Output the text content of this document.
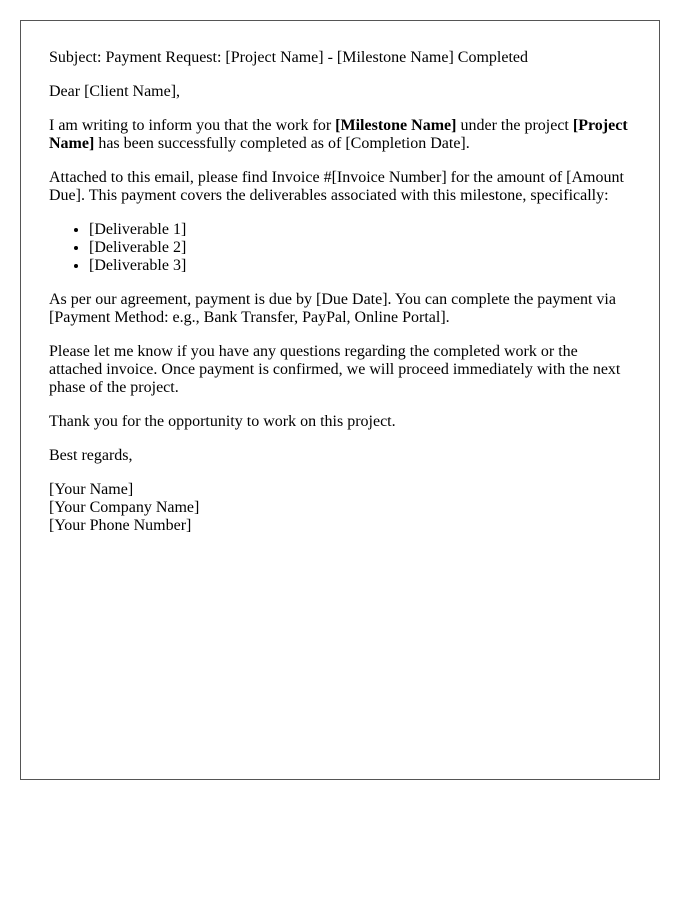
Subject: Payment Request: [Project Name] - [Milestone Name] Completed

Dear [Client Name],

I am writing to inform you that the work for [Milestone Name] under the project [Project Name] has been successfully completed as of [Completion Date].

Attached to this email, please find Invoice #[Invoice Number] for the amount of [Amount Due]. This payment covers the deliverables associated with this milestone, specifically:

• [Deliverable 1]
• [Deliverable 2]
• [Deliverable 3]

As per our agreement, payment is due by [Due Date]. You can complete the payment via [Payment Method: e.g., Bank Transfer, PayPal, Online Portal].

Please let me know if you have any questions regarding the completed work or the attached invoice. Once payment is confirmed, we will proceed immediately with the next phase of the project.

Thank you for the opportunity to work on this project.

Best regards,

[Your Name]
[Your Company Name]
[Your Phone Number]
